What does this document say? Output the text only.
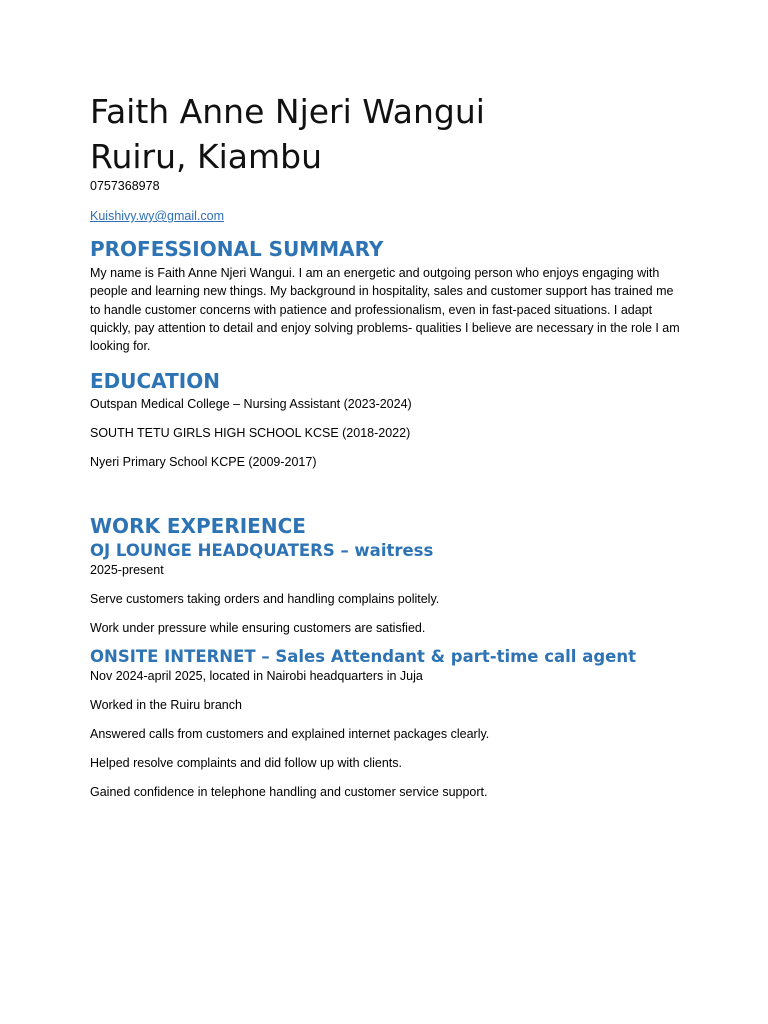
Faith Anne Njeri Wangui
Ruiru, Kiambu

0757368978

Kuishivy.wy@gmail.com
PROFESSIONAL SUMMARY

My name is Faith Anne Njeri Wangui. I am an energetic and outgoing person who enjoys engaging with people and learning new things. My background in hospitality, sales and customer support has trained me to handle customer concerns with patience and professionalism, even in fast-paced situations. I adapt quickly, pay attention to detail and enjoy solving problems- qualities I believe are necessary in the role I am looking for.

EDUCATION

Outspan Medical College – Nursing Assistant (2023-2024)

SOUTH TETU GIRLS HIGH SCHOOL KCSE (2018-2022)

Nyeri Primary School KCPE (2009-2017)

WORK EXPERIENCE
OJ LOUNGE HEADQUATERS – waitress

2025-present

Serve customers taking orders and handling complains politely.

Work under pressure while ensuring customers are satisfied.

ONSITE INTERNET – Sales Attendant & part-time call agent

Nov 2024-april 2025, located in Nairobi headquarters in Juja

Worked in the Ruiru branch

Answered calls from customers and explained internet packages clearly.

Helped resolve complaints and did follow up with clients.

Gained confidence in telephone handling and customer service support.
